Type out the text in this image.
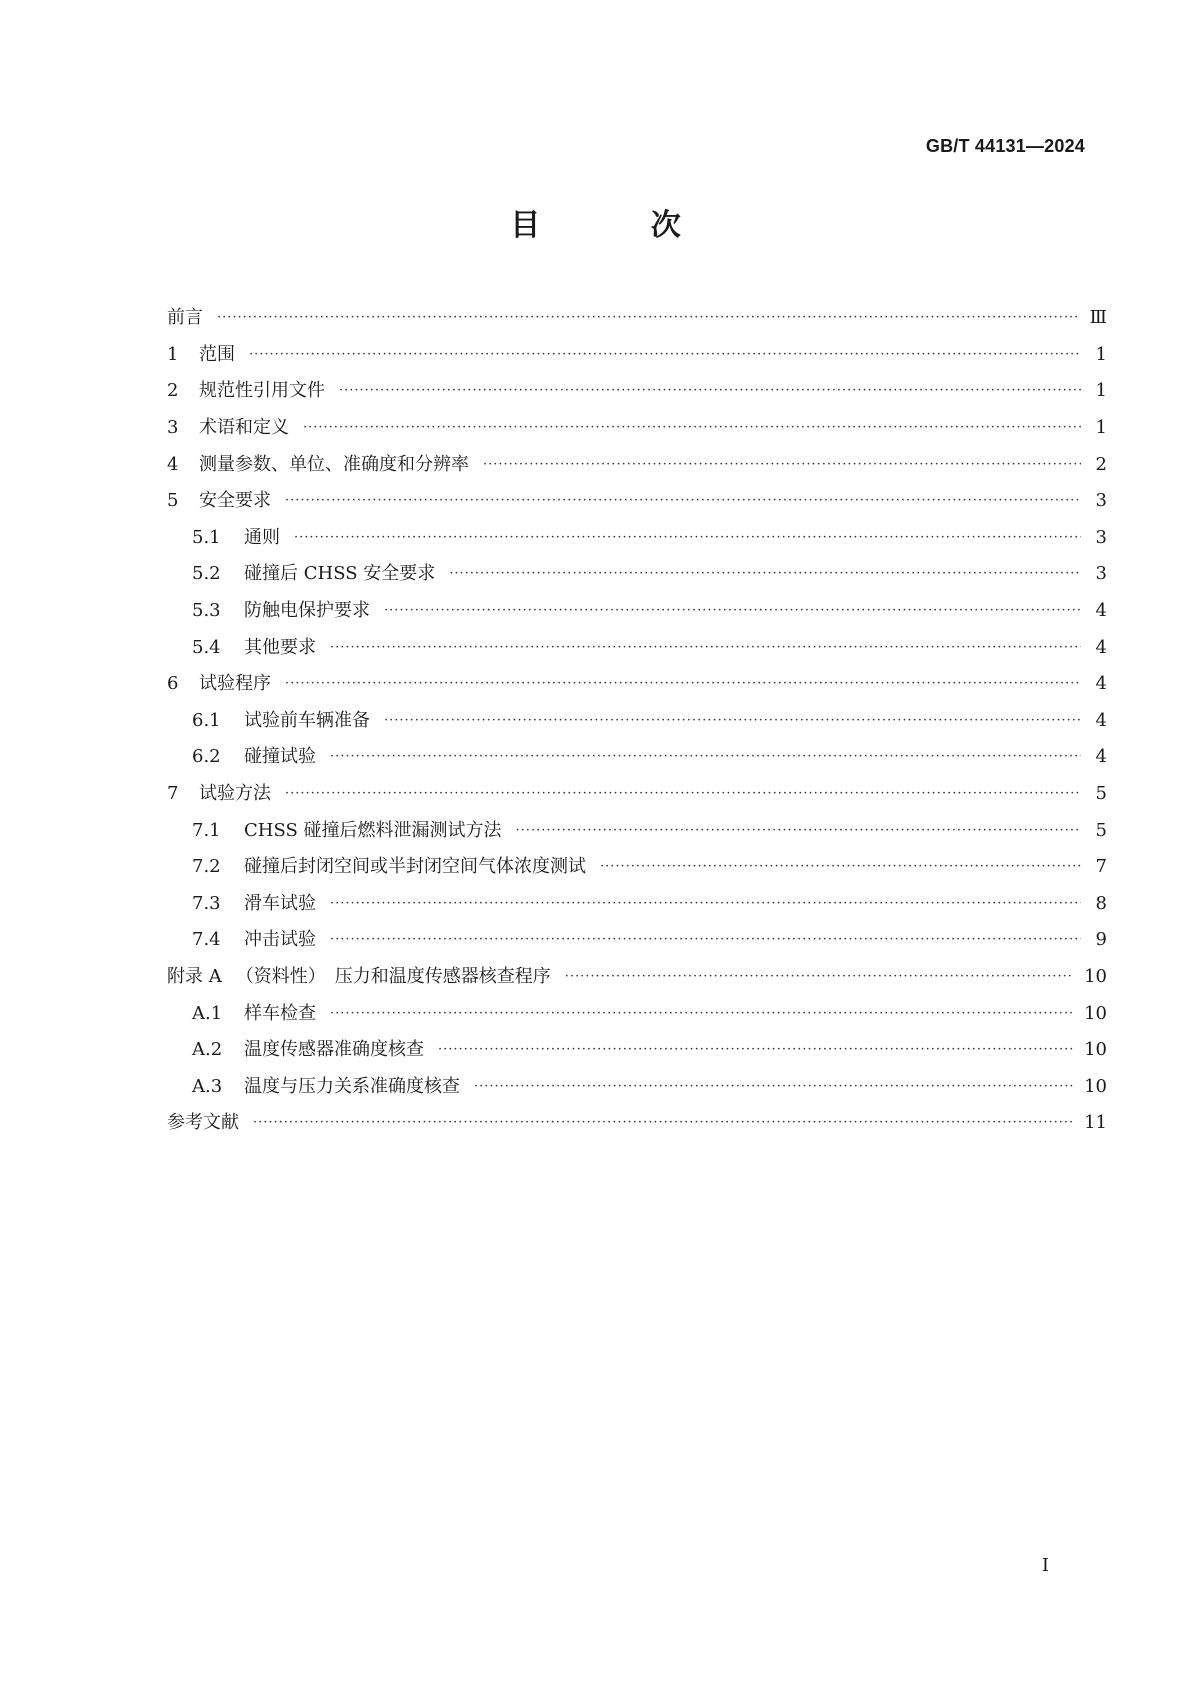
GB/T 44131—2024
目 次
前言 ·····	Ⅲ
1	范围 ·····	1
2	规范性引用文件 ·····	1
3	术语和定义 ·····	1
4	测量参数、单位、准确度和分辨率 ·····	2
5	安全要求 ·····	3
5.1	通则 ·····	3
5.2	碰撞后 CHSS 安全要求 ·····	3
5.3	防触电保护要求 ·····	4
5.4	其他要求 ·····	4
6	试验程序 ·····	4
6.1	试验前车辆准备 ·····	4
6.2	碰撞试验 ·····	4
7	试验方法 ·····	5
7.1	CHSS 碰撞后燃料泄漏测试方法 ·····	5
7.2	碰撞后封闭空间或半封闭空间气体浓度测试 ·····	7
7.3	滑车试验 ·····	8
7.4	冲击试验 ·····	9
附录 A （资料性）　压力和温度传感器核查程序 ·····	10
A.1	样车检查 ·····	10
A.2	温度传感器准确度核查 ·····	10
A.3	温度与压力关系准确度核查 ·····	10
参考文献 ·····	11
I
